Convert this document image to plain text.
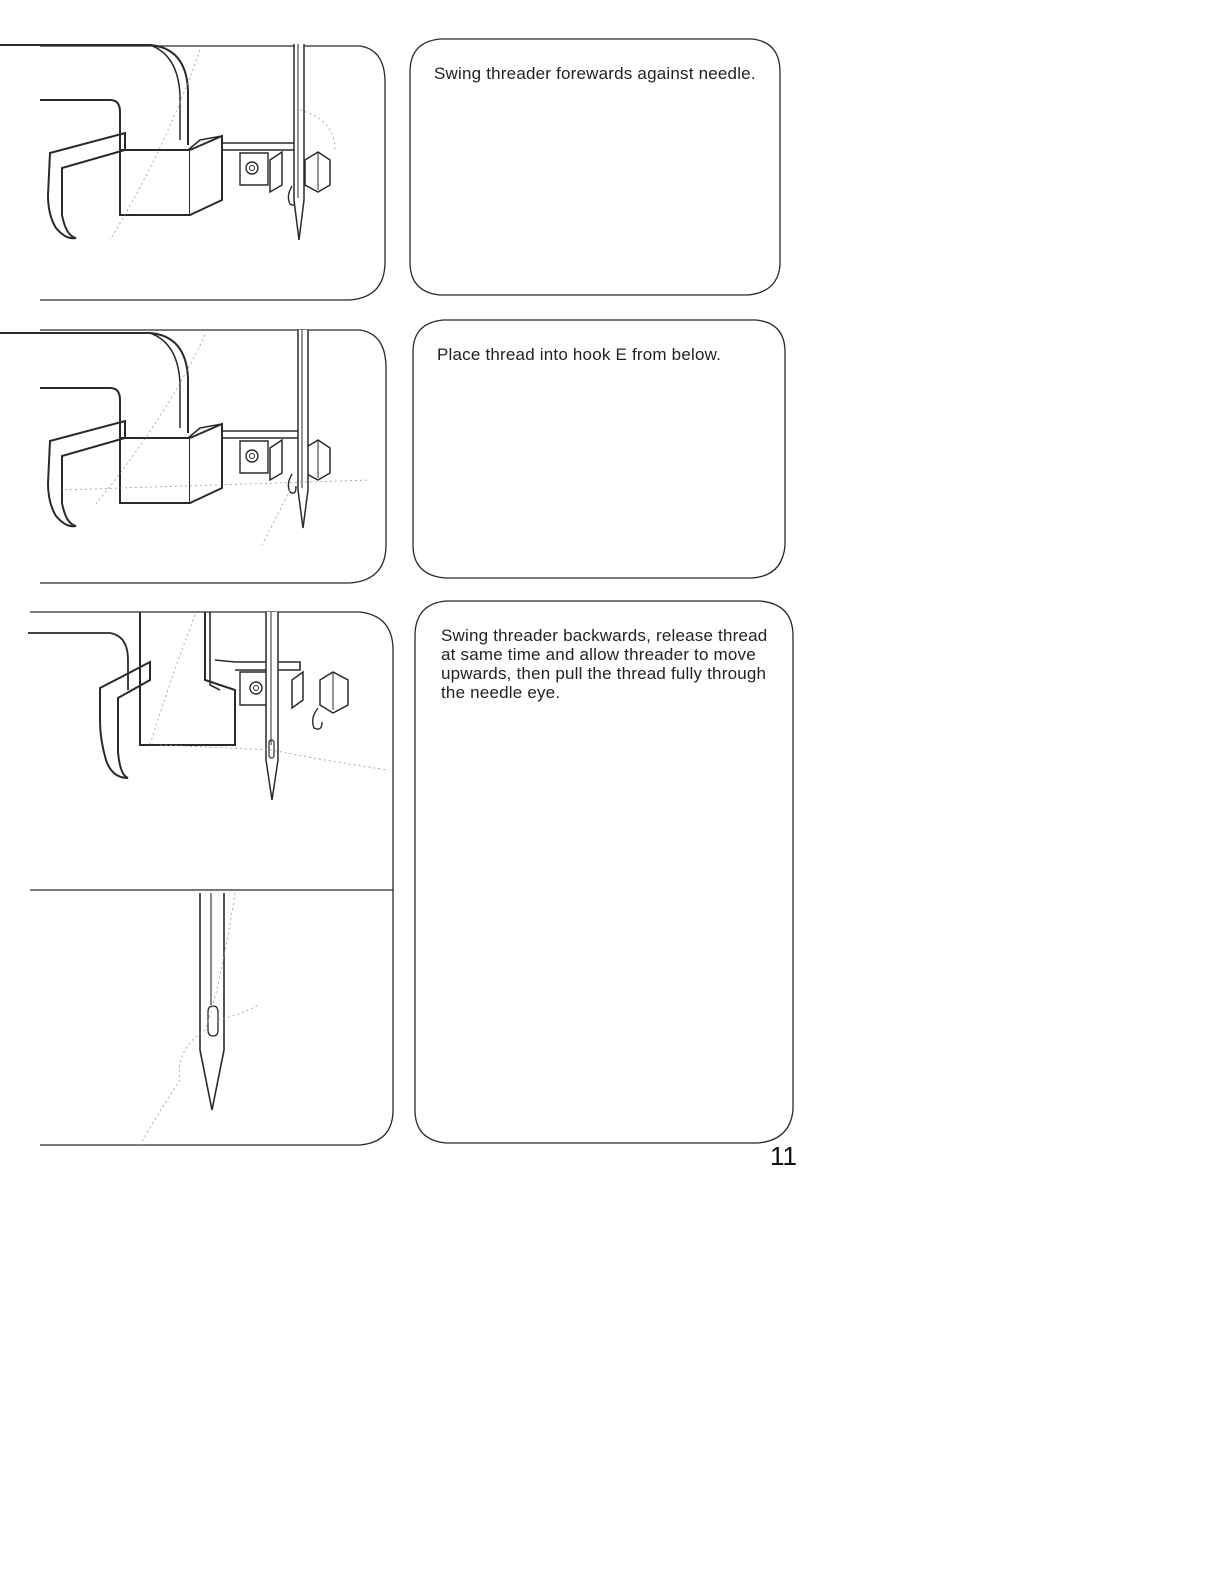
Swing threader forewards against needle.
Place thread into hook E from below.
Swing threader backwards, release thread at same time and allow threader to move upwards, then pull the thread fully through the needle eye.
11
